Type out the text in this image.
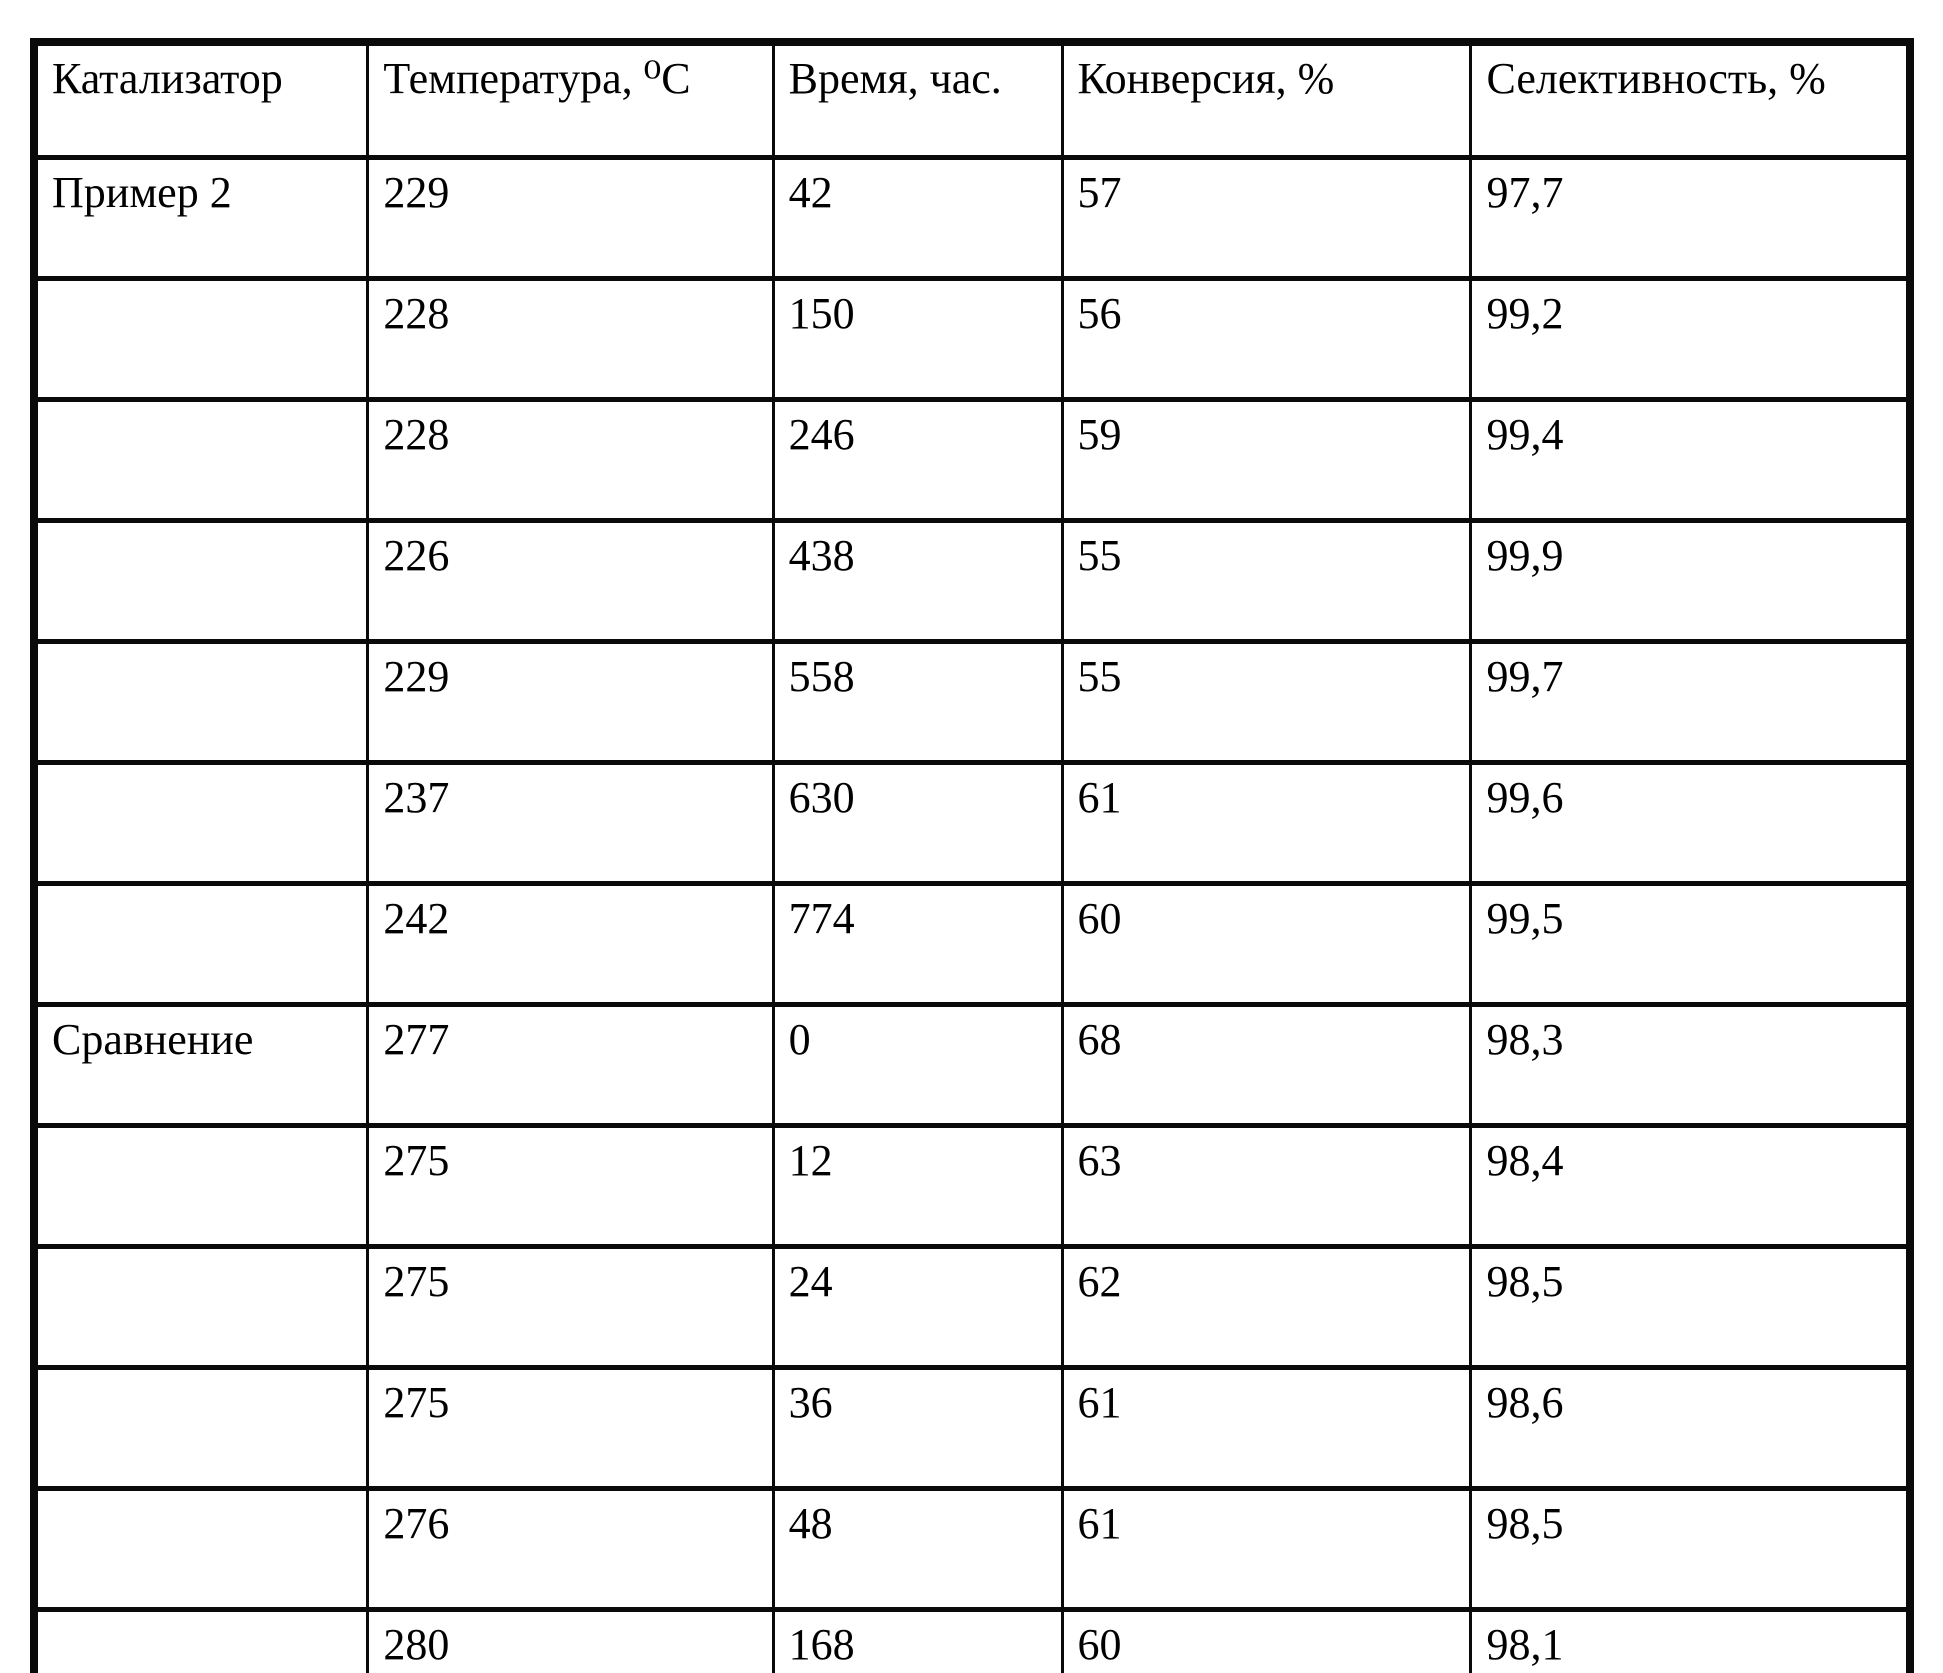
Катализатор	Температура, ⁰С	Время, час.	Конверсия, %	Селективность, %
Пример 2	229	42	57	97,7
	228	150	56	99,2
	228	246	59	99,4
	226	438	55	99,9
	229	558	55	99,7
	237	630	61	99,6
	242	774	60	99,5
Сравнение	277	0	68	98,3
	275	12	63	98,4
	275	24	62	98,5
	275	36	61	98,6
	276	48	61	98,5
	280	168	60	98,1
